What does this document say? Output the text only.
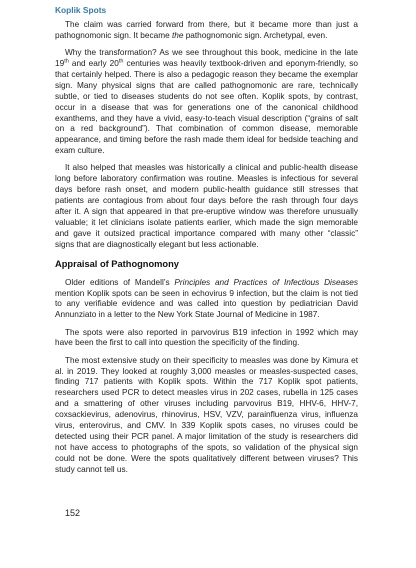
Koplik Spots

The claim was carried forward from there, but it became more than just a pathognomonic sign. It became the pathognomonic sign. Archetypal, even.

Why the transformation? As we see throughout this book, medicine in the late 19th and early 20th centuries was heavily textbook-driven and eponym-friendly, so that certainly helped. There is also a pedagogic reason they became the exemplar sign. Many physical signs that are called pathognomonic are rare, technically subtle, or tied to diseases students do not see often. Koplik spots, by contrast, occur in a disease that was for generations one of the canonical childhood exanthems, and they have a vivid, easy-to-teach visual description (“grains of salt on a red background”). That combination of common disease, memorable appearance, and timing before the rash made them ideal for bedside teaching and exam culture.

It also helped that measles was historically a clinical and public-health disease long before laboratory confirmation was routine. Measles is infectious for several days before rash onset, and modern public-health guidance still stresses that patients are contagious from about four days before the rash through four days after it. A sign that appeared in that pre-eruptive window was therefore unusually valuable; it let clinicians isolate patients earlier, which made the sign memorable and gave it outsized practical importance compared with many other “classic” signs that are diagnostically elegant but less actionable.

Appraisal of Pathognomony

Older editions of Mandell’s Principles and Practices of Infectious Diseases mention Koplik spots can be seen in echovirus 9 infection, but the claim is not tied to any verifiable evidence and was called into question by pediatrician David Annunziato in a letter to the New York State Journal of Medicine in 1987.

The spots were also reported in parvovirus B19 infection in 1992 which may have been the first to call into question the specificity of the finding.

The most extensive study on their specificity to measles was done by Kimura et al. in 2019. They looked at roughly 3,000 measles or measles-suspected cases, finding 717 patients with Koplik spots. Within the 717 Koplik spot patients, researchers used PCR to detect measles virus in 202 cases, rubella in 125 cases and a smattering of other viruses including parvovirus B19, HHV-6, HHV-7, coxsackievirus, adenovirus, rhinovirus, HSV, VZV, parainfluenza virus, influenza virus, enterovirus, and CMV. In 339 Koplik spots cases, no viruses could be detected using their PCR panel. A major limitation of the study is researchers did not have access to photographs of the spots, so validation of the physical sign could not be done. Were the spots qualitatively different between viruses? This study cannot tell us.

152
